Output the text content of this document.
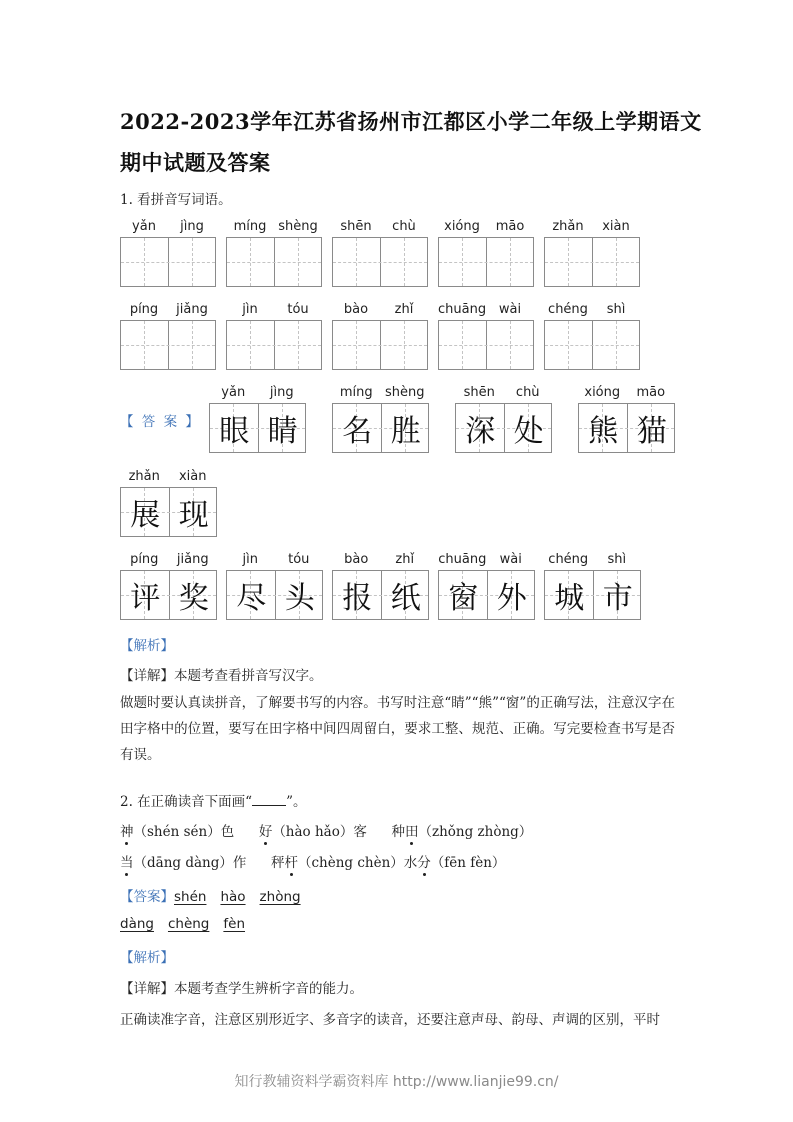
2022-2023学年江苏省扬州市江都区小学二年级上学期语文
期中试题及答案
1. 看拼音写词语。
yǎn	jìng	míng shèng	shēn	chù	xióng	māo	zhǎn	xiàn
píng	jiǎng	jìn	tóu	bào	zhǐ	chuāng wài	chéng	shì
【 答 案 】
yǎn	jìng
眼 睛
míng shèng
名 胜
shēn	chù
深 处
xióng	māo
熊 猫
zhǎn	xiàn
展 现
píng	jiǎng
评 奖
jìn	tóu
尽 头
bào	zhǐ
报 纸
chuāng	wài
窗 外
chéng	shì
城 市
【解析】
【详解】本题考查看拼音写汉字。
做题时要认真读拼音，了解要书写的内容。书写时注意“睛”“熊”“窗”的正确写法，注意汉字在田字格中的位置，要写在田字格中间四周留白，要求工整、规范、正确。写完要检查书写是否有误。
2. 在正确读音下面画“	”。
神（shén sén）色 好（hào hǎo）客 种田（zhǒng zhòng）
当（dāng dàng）作 秤杆（chèng chèn）水分（fēn fèn）
【答案】shén hào zhòng
dàng chèng fèn
【解析】
【详解】本题考查学生辨析字音的能力。
正确读准字音，注意区别形近字、多音字的读音，还要注意声母、韵母、声调的区别，平时
知行教辅资料学霸资料库 http://www.lianjie99.cn/
